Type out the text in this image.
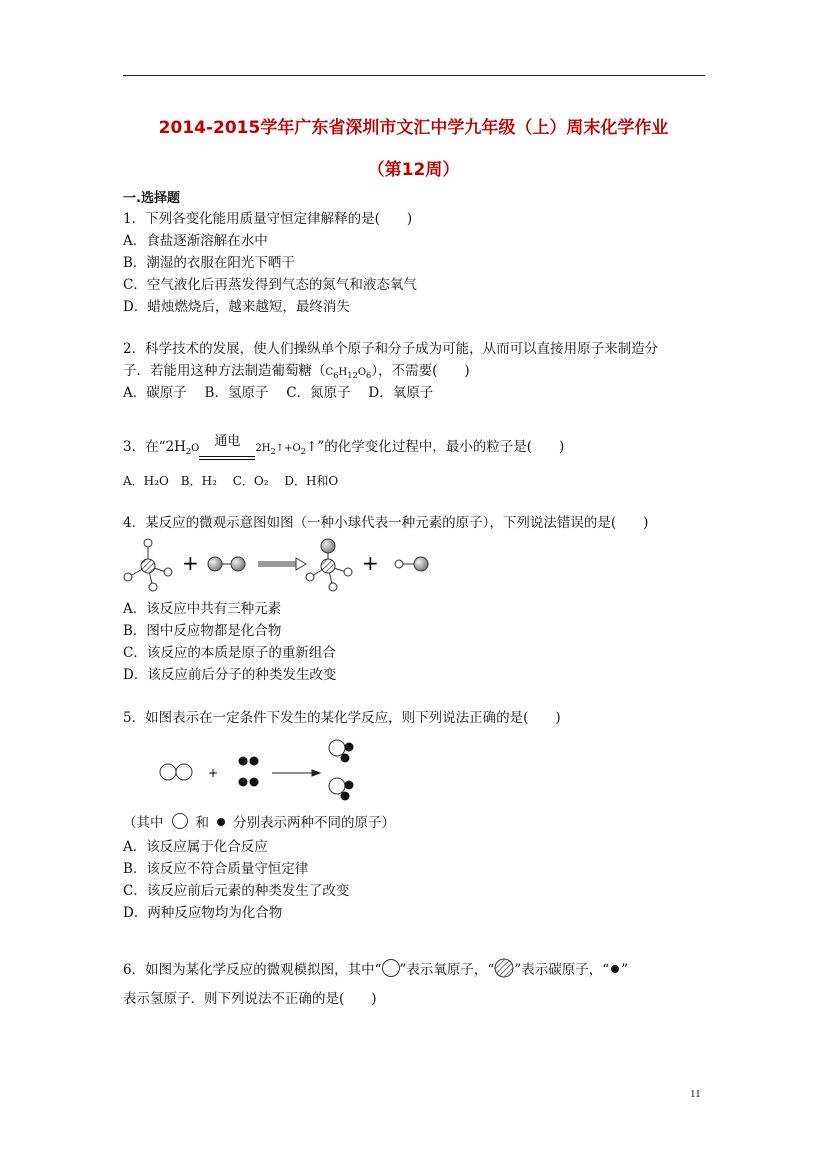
2014-2015学年广东省深圳市文汇中学九年级（上）周末化学作业
（第12周）
一.选择题
1．下列各变化能用质量守恒定律解释的是(　　)
A．食盐逐渐溶解在水中
B．潮湿的衣服在阳光下晒干
C．空气液化后再蒸发得到气态的氮气和液态氧气
D．蜡烛燃烧后，越来越短，最终消失
2．科学技术的发展，使人们操纵单个原子和分子成为可能，从而可以直接用原子来制造分
子．若能用这种方法制造葡萄糖$(C_6H_{12}O_6)$，不需要(　　)
A．碳原子　 B．氢原子　 C．氮原子　 D．氧原子
3．在“$2H_2O$	通电	$2H_2↑+O_2↑$”的化学变化过程中，最小的粒子是(　　)
A．H₂O　B．H₂　 C．O₂　 D．H和O
4．某反应的微观示意图如图（一种小球代表一种元素的原子），下列说法错误的是(　　)
+	+
A．该反应中共有三种元素
B．图中反应物都是化合物
C．该反应的本质是原子的重新组合
D．该反应前后分子的种类发生改变
5．如图表示在一定条件下发生的某化学反应，则下列说法正确的是(　　)
+
（其中 和 分别表示两种不同的原子）
A．该反应属于化合反应
B．该反应不符合质量守恒定律
C．该反应前后元素的种类发生了改变
D．两种反应物均为化合物
6．如图为某化学反应的微观模拟图，其中“ ”表示氧原子，“ ”表示碳原子，“ ”
表示氢原子．则下列说法不正确的是(　　)
11
